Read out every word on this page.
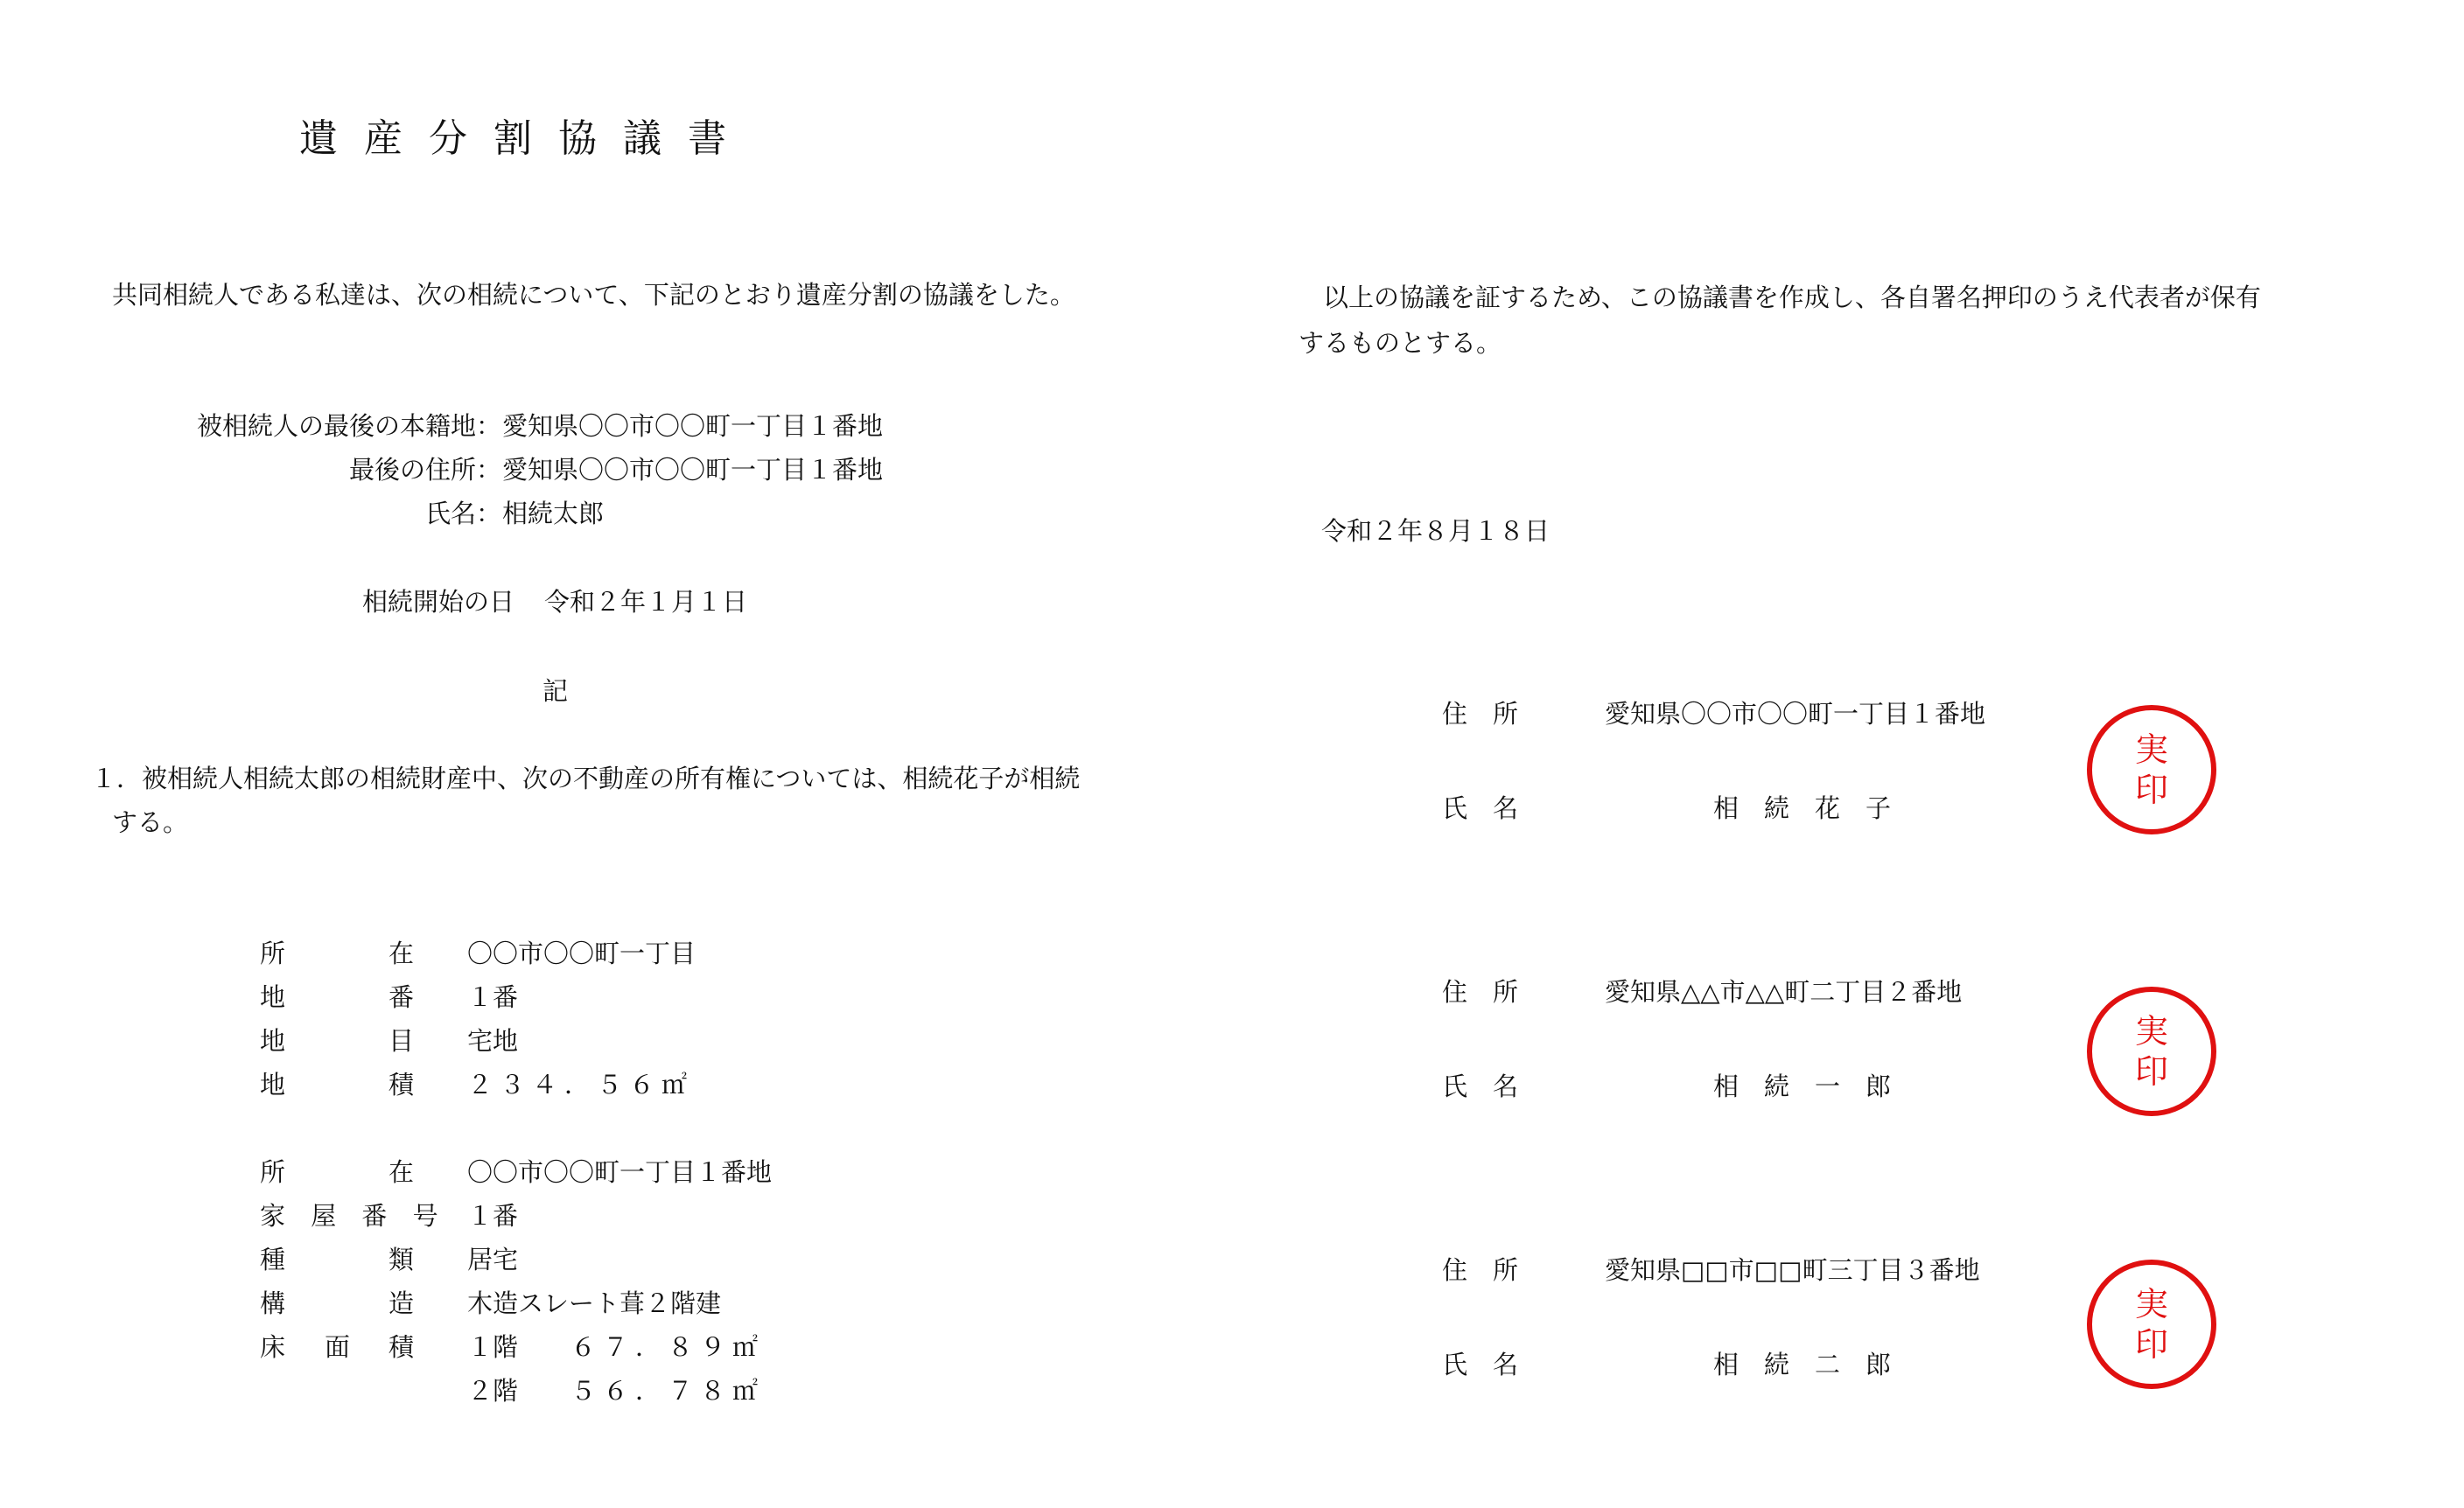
遺産分割協議書
共同相続人である私達は、次の相続について、下記のとおり遺産分割の協議をした。
被相続人の最後の本籍地： 愛知県〇〇市〇〇町一丁目１番地
最後の住所： 愛知県〇〇市〇〇町一丁目１番地
氏名： 相続太郎
相続開始の日 令和２年１月１日
記
１．被相続人相続太郎の相続財産中、次の不動産の所有権については、相続花子が相続
する。
所	在 〇〇市〇〇町一丁目
地	番 １番
地	目 宅地
地	積 ２３４．５６㎡
所	在 〇〇市〇〇町一丁目１番地
家 屋 番 号 １番
種	類 居宅
構	造 木造スレート葺２階建
床 面 積 １階 ６７．８９㎡
２階 ５６．７８㎡
以上の協議を証するため、この協議書を作成し、各自署名押印のうえ代表者が保有
するものとする。
令和２年８月１８日
住　所	愛知県〇〇市〇〇町一丁目１番地
氏　名	相　続　花　子
実
印
住　所	愛知県△△市△△町二丁目２番地
氏　名	相　続　一　郎
実
印
住　所	愛知県□□市□□町三丁目３番地
氏　名	相　続　二　郎
実
印
